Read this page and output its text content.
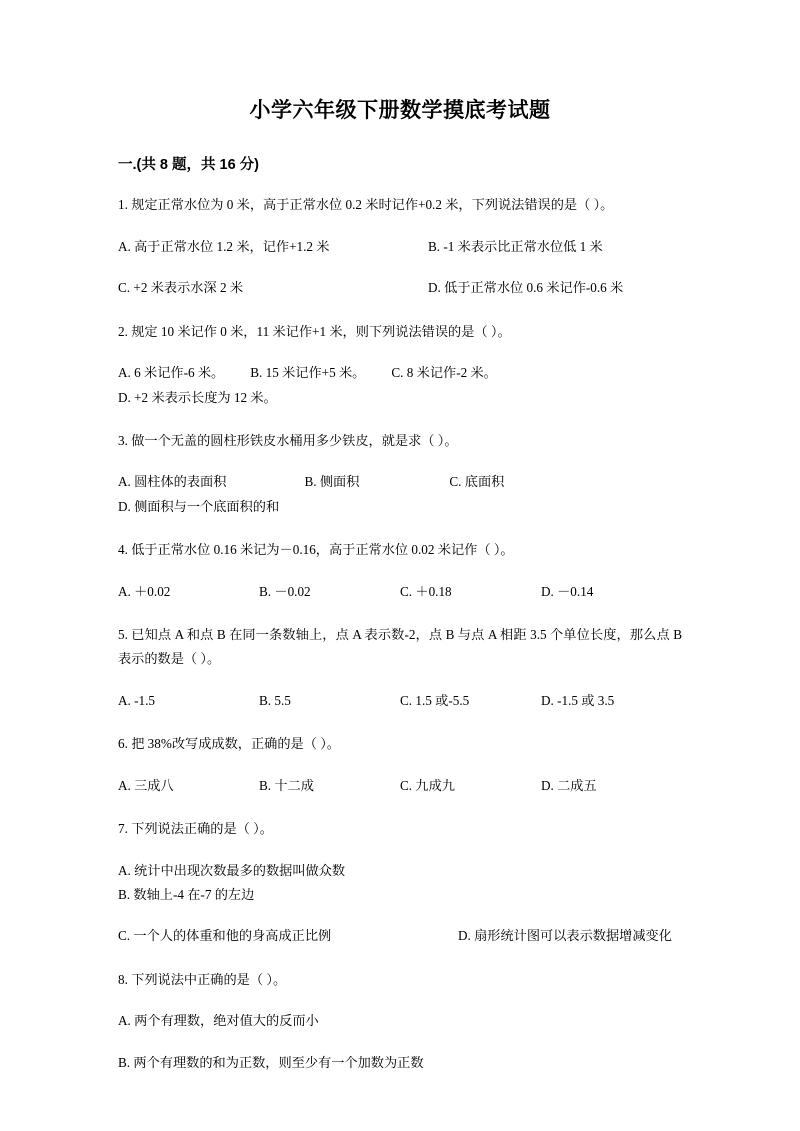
小学六年级下册数学摸底考试题
一.(共 8 题，共 16 分)
1. 规定正常水位为 0 米，高于正常水位 0.2 米时记作+0.2 米，下列说法错误的是（ ）。
A. 高于正常水位 1.2 米，记作+1.2 米	B. -1 米表示比正常水位低 1 米
C. +2 米表示水深 2 米	D. 低于正常水位 0.6 米记作-0.6 米
2. 规定 10 米记作 0 米，11 米记作+1 米，则下列说法错误的是（ ）。
A. 6 米记作-6 米。 B. 15 米记作+5 米。 C. 8 米记作-2 米。D. +2 米表示长度为 12 米。
3. 做一个无盖的圆柱形铁皮水桶用多少铁皮，就是求（ ）。
A. 圆柱体的表面积	B. 侧面积	C. 底面积D. 侧面积与一个底面积的和
4. 低于正常水位 0.16 米记为－0.16，高于正常水位 0.02 米记作（ ）。
A. ＋0.02	B. －0.02	C. ＋0.18	D. －0.14
5. 已知点 A 和点 B 在同一条数轴上，点 A 表示数-2，点 B 与点 A 相距 3.5 个单位长度，那么点 B 表示的数是（ ）。
A. -1.5	B. 5.5	C. 1.5 或-5.5	D. -1.5 或 3.5
6. 把 38%改写成成数，正确的是（ ）。
A. 三成八	B. 十二成	C. 九成九	D. 二成五
7. 下列说法正确的是（ ）。
A. 统计中出现次数最多的数据叫做众数B. 数轴上-4 在-7 的左边
C. 一个人的体重和他的身高成正比例	D. 扇形统计图可以表示数据增减变化
8. 下列说法中正确的是（ ）。
A. 两个有理数，绝对值大的反而小
B. 两个有理数的和为正数，则至少有一个加数为正数
